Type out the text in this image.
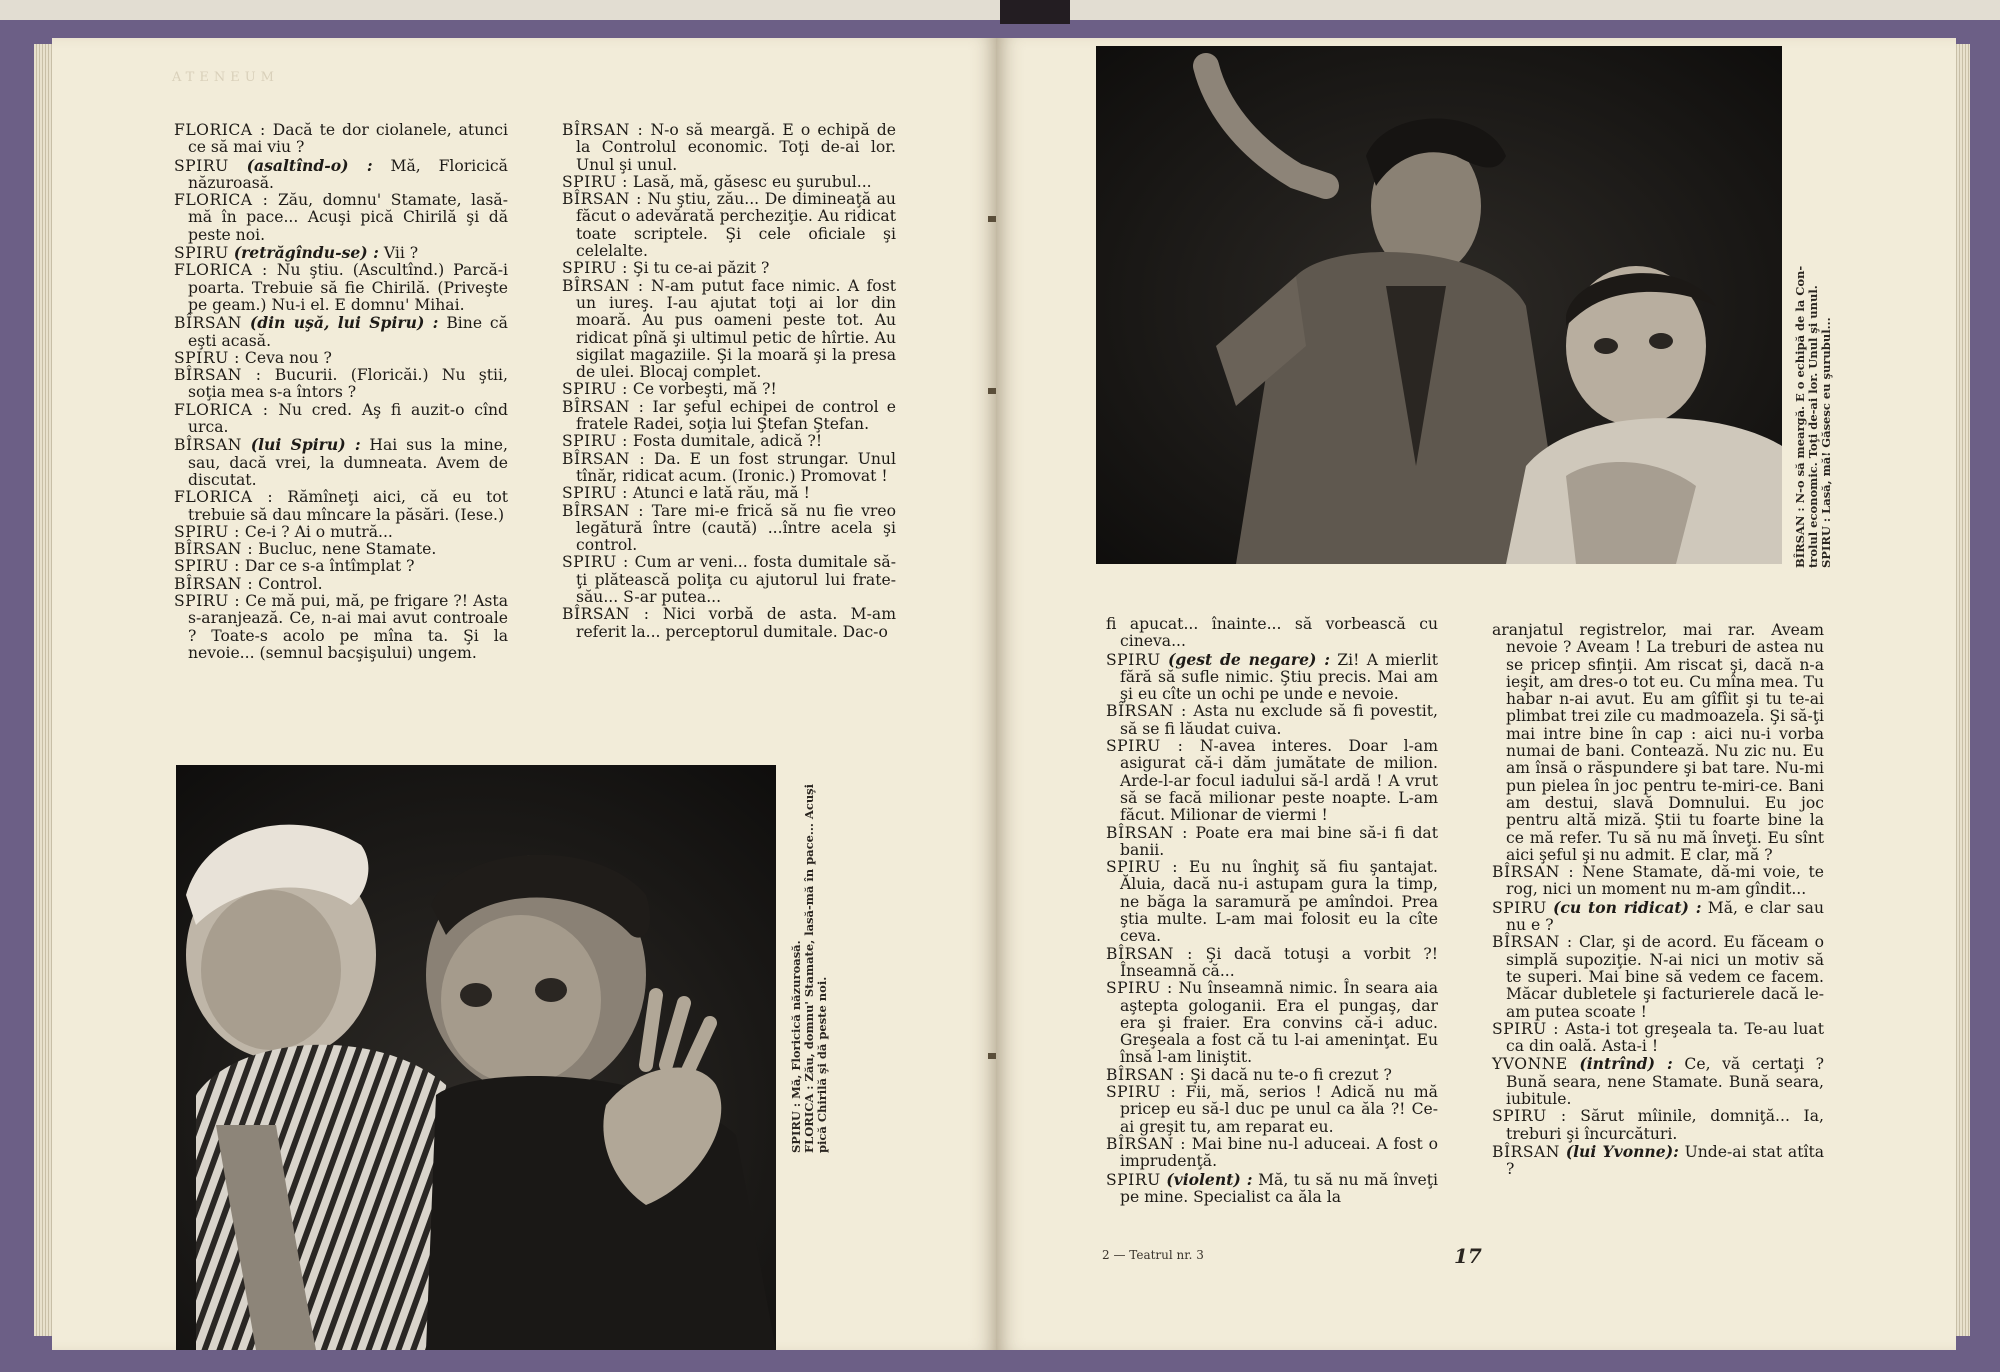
ATENEUM

FLORICA : Dacă te dor ciolanele, atunci ce să mai viu ?

SPIRU (asaltînd-o) : Mă, Floricică năzuroasă.

FLORICA : Zău, domnu' Stamate, lasă-mă în pace... Acuşi pică Chirilă şi dă peste noi.

SPIRU (retrăgîndu-se) : Vii ?

FLORICA : Nu ştiu. (Ascultînd.) Parcă-i poarta. Trebuie să fie Chirilă. (Priveşte pe geam.) Nu-i el. E domnu' Mihai.

BÎRSAN (din uşă, lui Spiru) : Bine că eşti acasă.

SPIRU : Ceva nou ?

BÎRSAN : Bucurii. (Floricăi.) Nu ştii, soţia mea s-a întors ?

FLORICA : Nu cred. Aş fi auzit-o cînd urca.

BÎRSAN (lui Spiru) : Hai sus la mine, sau, dacă vrei, la dumneata. Avem de discutat.

FLORICA : Rămîneţi aici, că eu tot trebuie să dau mîncare la păsări. (Iese.)

SPIRU : Ce-i ? Ai o mutră...

BÎRSAN : Bucluc, nene Stamate.

SPIRU : Dar ce s-a întîmplat ?

BÎRSAN : Control.

SPIRU : Ce mă pui, mă, pe frigare ?! Asta s-aranjează. Ce, n-ai mai avut controale ? Toate-s acolo pe mîna ta. Şi la nevoie... (semnul bacşişului) ungem.

BÎRSAN : N-o să meargă. E o echipă de la Controlul economic. Toţi de-ai lor. Unul şi unul.

SPIRU : Lasă, mă, găsesc eu şurubul...

BÎRSAN : Nu ştiu, zău... De dimineaţă au făcut o adevărată percheziţie. Au ridicat toate scriptele. Şi cele oficiale şi celelalte.

SPIRU : Şi tu ce-ai păzit ?

BÎRSAN : N-am putut face nimic. A fost un iureş. I-au ajutat toţi ai lor din moară. Au pus oameni peste tot. Au ridicat pînă şi ultimul petic de hîrtie. Au sigilat magaziile. Şi la moară şi la presa de ulei. Blocaj complet.

SPIRU : Ce vorbeşti, mă ?!

BÎRSAN : Iar şeful echipei de control e fratele Radei, soţia lui Ştefan Ştefan.

SPIRU : Fosta dumitale, adică ?!

BÎRSAN : Da. E un fost strungar. Unul tînăr, ridicat acum. (Ironic.) Promovat !

SPIRU : Atunci e lată rău, mă !

BÎRSAN : Tare mi-e frică să nu fie vreo legătură între (caută) ...între acela şi control.

SPIRU : Cum ar veni... fosta dumitale să-ţi plătească poliţa cu ajutorul lui frate-său... S-ar putea...

BÎRSAN : Nici vorbă de asta. M-am referit la... perceptorul dumitale. Dac-o

SPIRU : Mă, Floricică năzuroasă. FLORICA : Zău, domnu' Stamate, lasă-mă în pace... Acuşi pică Chirilă şi dă peste noi.
BÎRSAN : N-o să meargă. E o echipă de la Con- trolul economic. Toţi de-ai lor. Unul şi unul. SPIRU : Lasă, mă! Găsesc eu şurubul...

fi apucat... înainte... să vorbească cu cineva...

SPIRU (gest de negare) : Zi! A mierlit fără să sufle nimic. Ştiu precis. Mai am şi eu cîte un ochi pe unde e nevoie.

BÎRSAN : Asta nu exclude să fi povestit, să se fi lăudat cuiva.

SPIRU : N-avea interes. Doar l-am asigurat că-i dăm jumătate de milion. Arde-l-ar focul iadului să-l ardă ! A vrut să se facă milionar peste noapte. L-am făcut. Milionar de viermi !

BÎRSAN : Poate era mai bine să-i fi dat banii.

SPIRU : Eu nu înghiţ să fiu şantajat. Ăluia, dacă nu-i astupam gura la timp, ne băga la saramură pe amîndoi. Prea ştia multe. L-am mai folosit eu la cîte ceva.

BÎRSAN : Şi dacă totuşi a vorbit ?! Înseamnă că...

SPIRU : Nu înseamnă nimic. În seara aia aştepta gologanii. Era el pungaş, dar era şi fraier. Era convins că-i aduc. Greşeala a fost că tu l-ai ameninţat. Eu însă l-am liniştit.

BÎRSAN : Şi dacă nu te-o fi crezut ?

SPIRU : Fii, mă, serios ! Adică nu mă pricep eu să-l duc pe unul ca ăla ?! Ce-ai greşit tu, am reparat eu.

BÎRSAN : Mai bine nu-l aduceai. A fost o imprudenţă.

SPIRU (violent) : Mă, tu să nu mă înveţi pe mine. Specialist ca ăla la

aranjatul registrelor, mai rar. Aveam nevoie ? Aveam ! La treburi de astea nu se pricep sfinţii. Am riscat şi, dacă n-a ieşit, am dres-o tot eu. Cu mîna mea. Tu habar n-ai avut. Eu am gîfîit şi tu te-ai plimbat trei zile cu madmoazela. Şi să-ţi mai intre bine în cap : aici nu-i vorba numai de bani. Contează. Nu zic nu. Eu am însă o răspundere şi bat tare. Nu-mi pun pielea în joc pentru te-miri-ce. Bani am destui, slavă Domnului. Eu joc pentru altă miză. Ştii tu foarte bine la ce mă refer. Tu să nu mă înveţi. Eu sînt aici şeful şi nu admit. E clar, mă ?

BÎRSAN : Nene Stamate, dă-mi voie, te rog, nici un moment nu m-am gîndit...

SPIRU (cu ton ridicat) : Mă, e clar sau nu e ?

BÎRSAN : Clar, şi de acord. Eu făceam o simplă supoziţie. N-ai nici un motiv să te superi. Mai bine să vedem ce facem. Măcar dubletele şi facturierele dacă le-am putea scoate !

SPIRU : Asta-i tot greşeala ta. Te-au luat ca din oală. Asta-i !

YVONNE (intrînd) : Ce, vă certaţi ? Bună seara, nene Stamate. Bună seara, iubitule.

SPIRU : Sărut mîinile, domniţă... Ia, treburi şi încurcături.

BÎRSAN (lui Yvonne): Unde-ai stat atîta ?

2 — Teatrul nr. 3	17
